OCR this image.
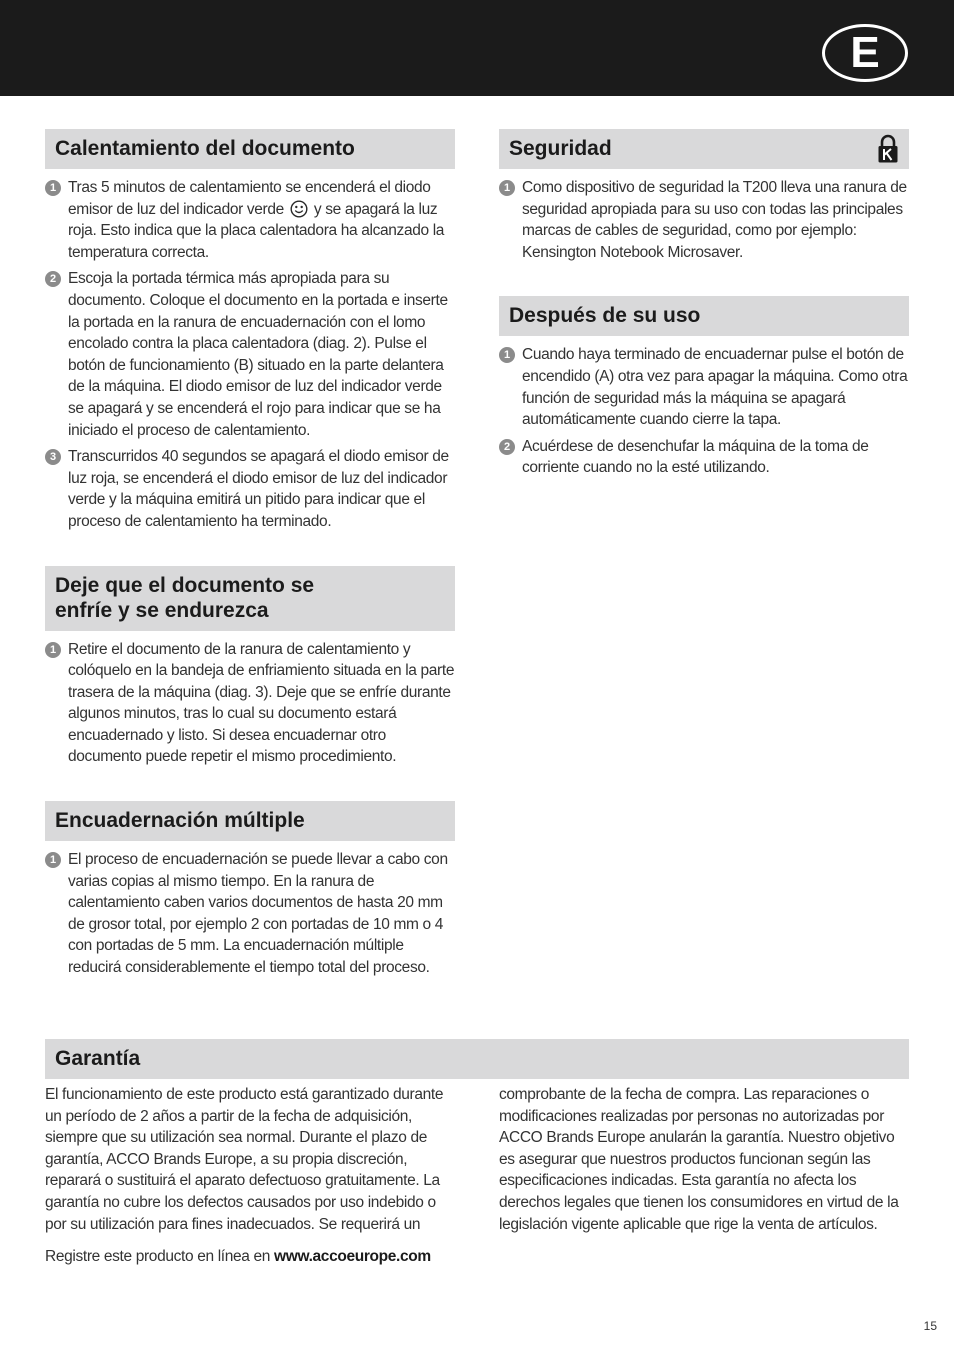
E
Calentamiento del documento
1 Tras 5 minutos de calentamiento se encenderá el diodo emisor de luz del indicador verde y se apagará la luz roja. Esto indica que la placa calentadora ha alcanzado la temperatura correcta.
2 Escoja la portada térmica más apropiada para su documento. Coloque el documento en la portada e inserte la portada en la ranura de encuadernación con el lomo encolado contra la placa calentadora (diag. 2). Pulse el botón de funcionamiento (B) situado en la parte delantera de la máquina. El diodo emisor de luz del indicador verde se apagará y se encenderá el rojo para indicar que se ha iniciado el proceso de calentamiento.
3 Transcurridos 40 segundos se apagará el diodo emisor de luz roja, se encenderá el diodo emisor de luz del indicador verde y la máquina emitirá un pitido para indicar que el proceso de calentamiento ha terminado.
Deje que el documento se
enfríe y se endurezca
1 Retire el documento de la ranura de calentamiento y colóquelo en la bandeja de enfriamiento situada en la parte trasera de la máquina (diag. 3). Deje que se enfríe durante algunos minutos, tras lo cual su documento estará encuadernado y listo. Si desea encuadernar otro documento puede repetir el mismo procedimiento.
Encuadernación múltiple
1 El proceso de encuadernación se puede llevar a cabo con varias copias al mismo tiempo. En la ranura de calentamiento caben varios documentos de hasta 20 mm de grosor total, por ejemplo 2 con portadas de 10 mm o 4 con portadas de 5 mm. La encuadernación múltiple reducirá considerablemente el tiempo total del proceso.
Seguridad
1 Como dispositivo de seguridad la T200 lleva una ranura de seguridad apropiada para su uso con todas las principales marcas de cables de seguridad, como por ejemplo: Kensington Notebook Microsaver.
Después de su uso
1 Cuando haya terminado de encuadernar pulse el botón de encendido (A) otra vez para apagar la máquina. Como otra función de seguridad más la máquina se apagará automáticamente cuando cierre la tapa.
2 Acuérdese de desenchufar la máquina de la toma de corriente cuando no la esté utilizando.
Garantía
El funcionamiento de este producto está garantizado durante un período de 2 años a partir de la fecha de adquisición, siempre que su utilización sea normal. Durante el plazo de garantía, ACCO Brands Europe, a su propia discreción, reparará o sustituirá el aparato defectuoso gratuitamente. La garantía no cubre los defectos causados por uso indebido o por su utilización para fines inadecuados. Se requerirá un
comprobante de la fecha de compra. Las reparaciones o modificaciones realizadas por personas no autorizadas por ACCO Brands Europe anularán la garantía. Nuestro objetivo es asegurar que nuestros productos funcionan según las especificaciones indicadas. Esta garantía no afecta los derechos legales que tienen los consumidores en virtud de la legislación vigente aplicable que rige la venta de artículos.
Registre este producto en línea en www.accoeurope.com
15
